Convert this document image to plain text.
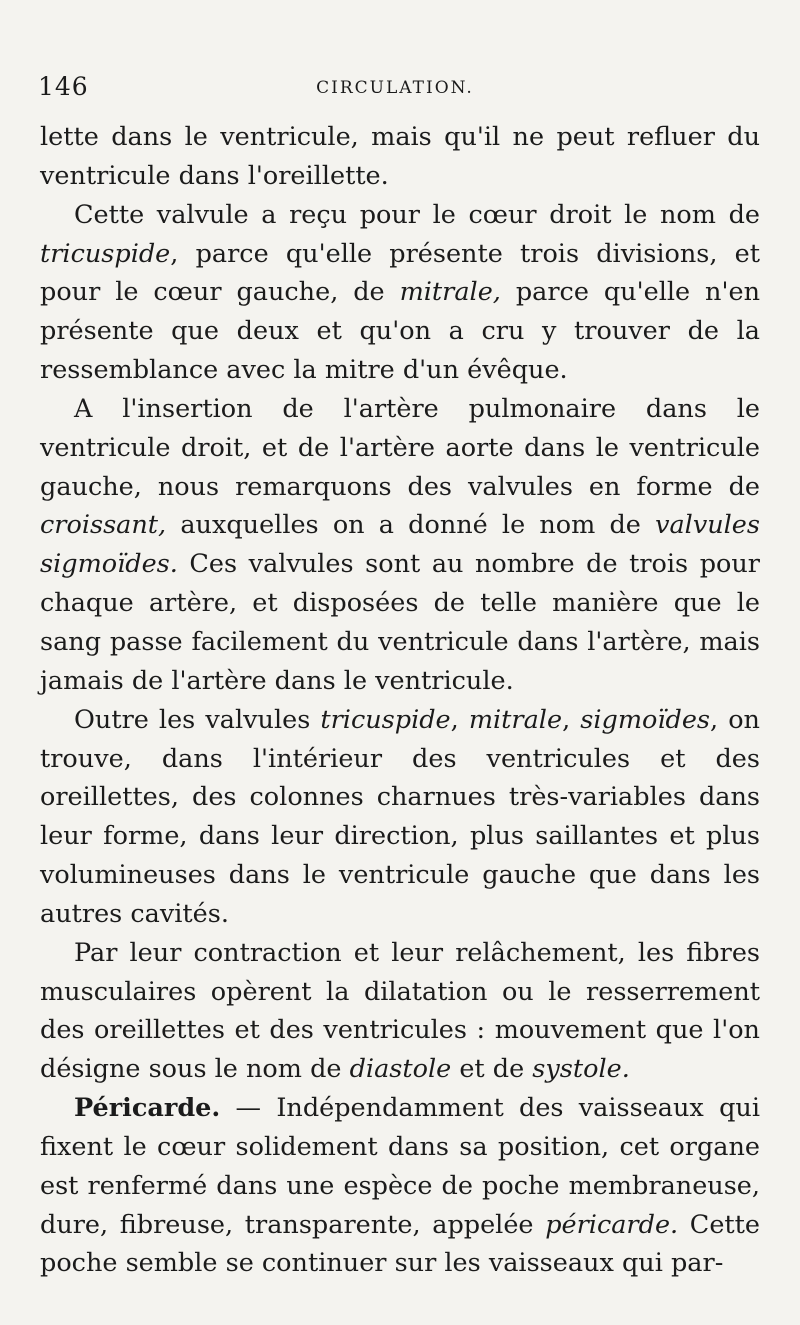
146	CIRCULATION.

lette dans le ventricule, mais qu'il ne peut refluer du ventricule dans l'oreillette.

Cette valvule a reçu pour le cœur droit le nom de tricuspide, parce qu'elle présente trois divisions, et pour le cœur gauche, de mitrale, parce qu'elle n'en présente que deux et qu'on a cru y trouver de la ressemblance avec la mitre d'un évêque.

A l'insertion de l'artère pulmonaire dans le ventricule droit, et de l'artère aorte dans le ventricule gauche, nous remarquons des valvules en forme de croissant, auxquelles on a donné le nom de valvules sigmoïdes. Ces valvules sont au nombre de trois pour chaque artère, et disposées de telle manière que le sang passe facilement du ventricule dans l'artère, mais jamais de l'artère dans le ventricule.

Outre les valvules tricuspide, mitrale, sigmoïdes, on trouve, dans l'intérieur des ventricules et des oreillettes, des colonnes charnues très-variables dans leur forme, dans leur direction, plus saillantes et plus volumineuses dans le ventricule gauche que dans les autres cavités.

Par leur contraction et leur relâchement, les fibres musculaires opèrent la dilatation ou le resserrement des oreillettes et des ventricules : mouvement que l'on désigne sous le nom de diastole et de systole.

Péricarde. — Indépendamment des vaisseaux qui fixent le cœur solidement dans sa position, cet organe est renfermé dans une espèce de poche membraneuse, dure, fibreuse, transparente, appelée péricarde. Cette poche semble se continuer sur les vaisseaux qui par-
